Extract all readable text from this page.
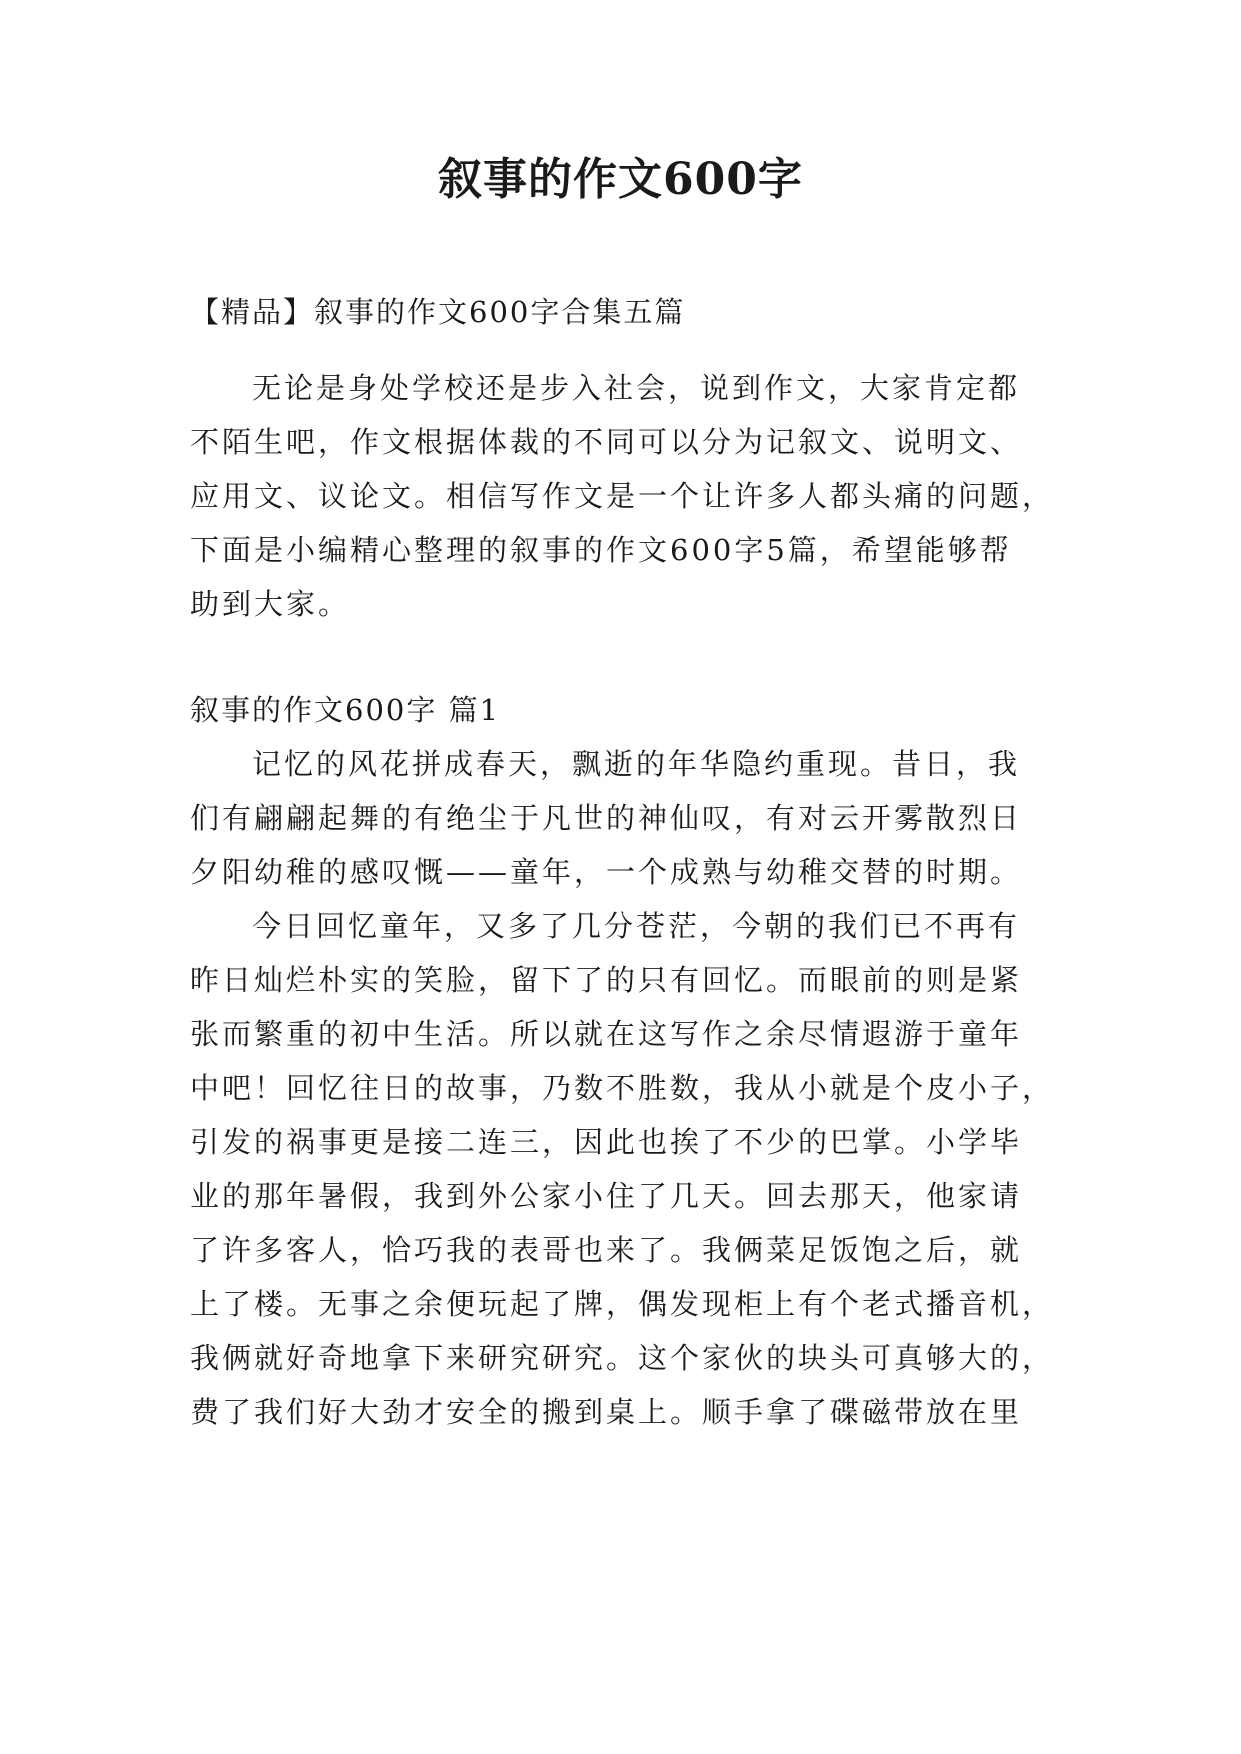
叙事的作文600字
【精品】叙事的作文600字合集五篇
无论是身处学校还是步入社会，说到作文，大家肯定都
不陌生吧，作文根据体裁的不同可以分为记叙文、说明文、
应用文、议论文。相信写作文是一个让许多人都头痛的问题，
下面是小编精心整理的叙事的作文600字5篇，希望能够帮
助到大家。
叙事的作文600字 篇1
记忆的风花拼成春天，飘逝的年华隐约重现。昔日，我
们有翩翩起舞的有绝尘于凡世的神仙叹，有对云开雾散烈日
夕阳幼稚的感叹慨——童年，一个成熟与幼稚交替的时期。
今日回忆童年，又多了几分苍茫，今朝的我们已不再有
昨日灿烂朴实的笑脸，留下了的只有回忆。而眼前的则是紧
张而繁重的初中生活。所以就在这写作之余尽情遐游于童年
中吧！回忆往日的故事，乃数不胜数，我从小就是个皮小子，
引发的祸事更是接二连三，因此也挨了不少的巴掌。小学毕
业的那年暑假，我到外公家小住了几天。回去那天，他家请
了许多客人，恰巧我的表哥也来了。我俩菜足饭饱之后，就
上了楼。无事之余便玩起了牌，偶发现柜上有个老式播音机，
我俩就好奇地拿下来研究研究。这个家伙的块头可真够大的，
费了我们好大劲才安全的搬到桌上。顺手拿了碟磁带放在里
